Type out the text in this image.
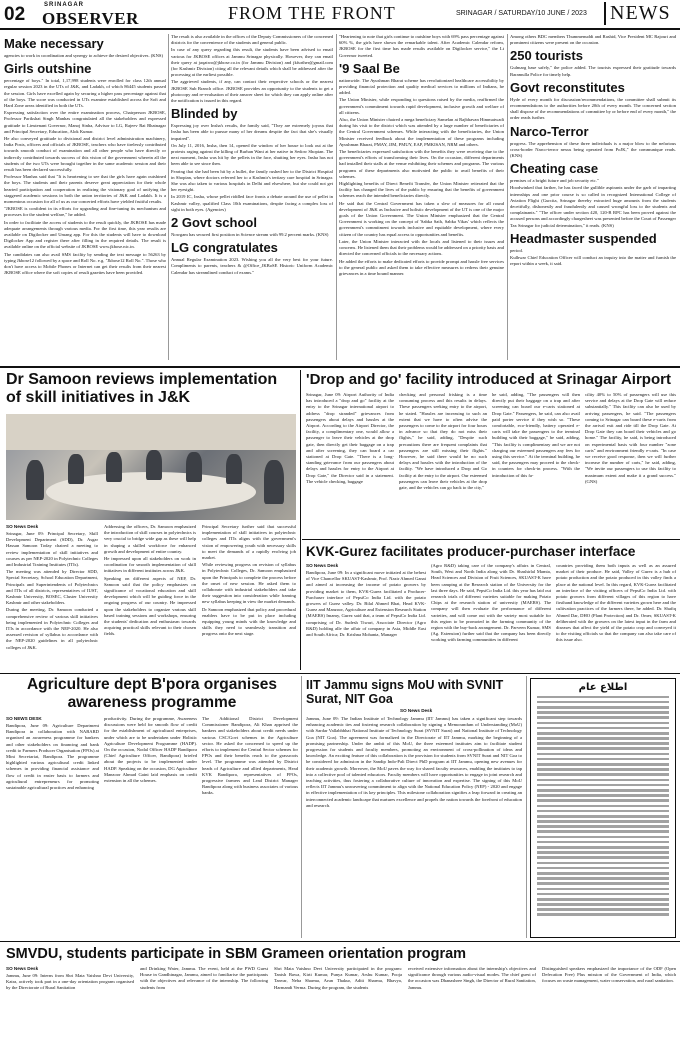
02	SRINAGAR
OBSERVER	FROM THE FRONT	SRINAGAR / SATURDAY/10 JUNE / 2023	NEWS
Make necessary

agencies to work in coordination and synergy to achieve the desired objectives. (KNS)

Girls outshine

percentage of boys." In total, 1,17,998 students were enrolled for class 12th annual regular session 2023 in the UTs of J&K, and Ladakh, of which 86445 students passed the session. Girls have excelled again by securing a higher pass percentage against that of the boys. The score was conducted in UTs examine established across the Soft and Hard Zone areas identified in both the UTs.

Expressing satisfaction over the entire examination process, Chairperson JKBOSE, Professor Parikshat Singh Manhas congratulated all the stakeholders and expressed gratitude to Lieutenant Governor, Manoj Sinha, Advisor to LG, Rajeev Rai Bhatnagar and Principal Secretary, Education, Alok Kumar.

He also conveyed gratitude to divisional and district level administration machinery, India Posts, officers and officials of JKBOSE, teachers who have tirelessly contributed towards smooth conduct of examination and all other people who have directly or indirectly contributed towards success of this vision of the government wherein all the students of the two UTs were brought together in the same academic session and their result has been declared successfully.

Professor Manhas said that "It is heartening to see that the girls have again outshined the boys. The students and their parents deserve great appreciation for their whole hearted participation and cooperation in realizing the visionary goal of unifying the staggered academic sessions in both the union territories of J&K and Ladakh. It is a momentous occasion for all of us as our concerted efforts have yielded fruitful results.

"JKBOSE is confident in its efforts for upgrading and fine-tuning its mechanism and processes for the student welfare," he added.

In order to facilitate the access of students to the result quickly, the JKBOSE has made adequate arrangements through various media. For the first time, this year results are available on Digilocker and Umang app. For this the students will have to download Digilocker App and register there after filling in the required details. The result is available online on the official website of JKBOSE www.jkbose.nic.in.

The candidates can also avail SMS facility by sending the text message to 56263 by typing Jkbose12 followed by a space and Roll No. e.g. "Jkbose12 Roll No.". Those who don't have access to Mobile Phones or Internet can get their results from their nearest JKBOSE office where the soft copies of result gazettes have been provided.

The result is also available in the offices of the Deputy Commissioners of the concerned districts for the convenience of the students and general public.

In case of any query regarding this result, the students have been advised to email various for JKBOSE offices at Jammu Srinagar physically. However, they can email their query at jaqatwo@jkbose.co.in (for Jammu Division) and jkfurther@gmail.com (for Kashmir Division) citing all the relevant details which shall be addressed after the processing at the earliest possible.

The aggrieved students, if any, can contact their respective schools or the nearest JKBOSE Sub Branch office. JKBOSE provides an opportunity to the students to get a photocopy and re-evaluation of their answer sheet for which they can apply online after the notification is issued in this regard.

Blinded by

Expressing joy over Insha's results, the family said, "They are extremely joyous that Insha has been able to pursue many of her dreams despite the fact that she's visually impaired".

On July 11, 2016, Insha, then 14, opened the window of her house to look out at the protests raging against the killing of Burhan Wani at her native in Sedow Shopian. The next moment, Insha was hit by the pellets in the face, shutting her eyes. Insha has not been able to see since then.

Fearing that she had been hit by a bullet, the family rushed her to the District Hospital in Shopian, where doctors referred her to a Kashmir's tertiary care hospital in Srinagar. She was also taken to various hospitals in Delhi and elsewhere, but she could not get her eyesight.

In 2019 IC, Insha, whose pellet riddled face fronts a debate around the use of pellet in Kashmir valley, qualified Class 10th examinations, despite facing a complex loss of sight in both eyes. (Agencies)

2 Govt school

Nowgam has secured first position in Science stream with 99.2 percent marks. (KNS)

LG congratulates

Annual Regular Examination 2023. Wishing you all the very best for your future. Compliments to parents, teachers & @Office_JKBoSE Historic Uniform Academic Calendar has streamlined conduct of exams."

"Heartening to note that girls continue to outshine boys with 69% pass percentage against 60% %, the girls have shown the remarkable talent. After Academic Calendar reform, JKBOSE for the first time has made results available on Digilocker service," the Lt Governor tweeted.

'9 Saal Be

nationwide. The Ayushman Bharat scheme has revolutionized healthcare accessibility by providing financial protection and quality medical services to millions of Indians, he added.

The Union Minister, while responding to questions raised by the media, reaffirmed the government's commitment towards rapid development, inclusive growth and welfare of all citizens.

Also, the Union Minister chaired a mega beneficiary Samelan at Rajbhavan Himmatwadi during his visit to the district which was attended by a large number of beneficiaries of the Central Government schemes. While interacting with the beneficiaries, the Union Minister received feedback about the implementation of these programs including Ayushman Bharat, PMAY, JJM, PMUY, EAP, PMKISAN, NRM and others.

The beneficiaries expressed satisfaction with the benefits they were receiving due to the government's efforts of transforming their lives. On the occasion, different departments had installed their stalls at the venue exhibiting their schemes and programs. The various programs of these departments also motivated the public to avail benefits of their schemes.

Highlighting benefits of Direct Benefit Transfer, the Union Minister reiterated that the facility has changed the lives of the public by ensuring that the benefits of government schemes reach the intended beneficiaries directly.

He said that the Central Government has taken a slew of measures for all round development of J&K as Inclusive and holistic development of the UT is one of the major goals of the Union Government. The Union Minister emphasized that the Central Government is working on the concept of 'Sabka Sath, Sabka Vikas' which reflects the government's commitment towards inclusive and equitable development, where every citizen of the country has equal access to opportunities and benefits.

Later, the Union Minister interacted with the locals and listened to their issues and concerns. He listened them that their problems would be addressed on a priority basis and directed the concerned officials to the necessary actions.

He added the efforts to make dedicated efforts to provide prompt and hassle free services to the general public and asked them to take effective measures to redress their genuine grievances in a time bound manner.

Among others BDC members Thummenuddi and Rashid, Vice President MC Rajouri and prominent citizens were present on the occasion.

250 tourists

Gulmarg base safely," the police added. The tourists expressed their gratitude towards Baramulla Police for timely help.

Govt reconstitutes

Hyde of every month for discussion/recommendations, the committee shall submit its recommendations to the authorities before 20th of every month. The concerned section shall dispose of the recommendations of committee by or before end of every month," the order reads further.

Narco-Terror

progress. The apprehension of these three individuals is a major blow to the nefarious cross-border Narco-terror nexus being operated from PoJK," the communique reads. (KNS)

Cheating case

premises of a bright future and job security etc."

Hoodwinked that farther, he has faced the gullible aspirants under the garb of imparting internships and one prior course is so called in recognized International College of Aviation Flight (Gurcita, Srinagar thereby extracted huge amounts from the students deceitfully, dishonestly and fraudulently and caused wrongful loss to the students and complainants." "The officer under section 420, 120-B RPC has been proved against the accused persons and accordingly chargesheet was presented before the Court of Passenger Tax Srinagar for judicial determination," it reads. (KNS)

Headmaster suspended

period.

Kulhwar Chief Education Officer will conduct an inquiry into the matter and furnish the report within a week, it said.

Dr Samoon reviews implementation
of skill initiatives in J&K
SO News Desk

Srinagar, June 09: Principal Secretary, Skill Development Department (SDD), Dr. Asgar Hassan Samoon Today chaired a meeting to review implementation of skill initiatives and courses as per NEP-2020 in Polytechnic Colleges and Industrial Training Institutes (ITIs).

The meeting was attended by Director SDD, Special Secretary, School Education Department, Principals and Superintendents of Polytechnics and ITIs of all districts, representatives of IUST, Kashmir University, BOSEC, Cluster University Kashmir and other stakeholders.

During the meeting, Dr. Samoon conducted a comprehensive review of various skill initiatives being implemented in Polytechnic Colleges and ITIs in accordance with the NEP-2020. He also assessed revision of syllabus to accordance with the NEP-2020 guidelines in all polytechnic colleges of J&K.

Addressing the officers, Dr. Samoon emphasized the introduction of skill courses in polytechnics is very crucial to bridge wide gap as these will help in shaping a skilled workforce for enhanced growth and development of entire country.

He impressed upon all stakeholders on work in coordination for smooth implementation of skill initiatives in different institutes across J&K.

Speaking on different aspects of NEP, Dr. Samoon said that the policy emphasizes on significance of vocational education and skill development which will be guiding force in the ongoing progress of our country. He impressed upon the stakeholders to organize various skill based training sessions and workshops, ensuring the students' dedication and enthusiasm towards acquiring practical skills relevant to their chosen fields.

Principal Secretary further said that successful implementation of skill initiatives in polytechnic colleges and ITIs aligns with the government's vision of empowering youth with necessary skills to meet the demands of a rapidly evolving job market.

While reviewing progress on revision of syllabus in Polytechnic Colleges, Dr. Samoon emphasized upon the Principals to complete the process before the onset of new session. He asked them to collaborate with industrial stakeholders and take their suggestion into consideration while framing new syllabus keeping in view the market demands.

Dr Samoon emphasized that policy and procedural enablers have to be put in place including equipping young minds with the knowledge and skills they need to seamlessly transition and progress onto the next stage.

'Drop and go' facility introduced at Srinagar Airport

Srinagar, June 09: Airport Authority of India has introduced a "drop and go" facility at the entry to the Srinagar international airport to address "drop stranded" grievances from passengers about delays and hassles at the Airport. According to the Airport Director, the facility, a complimentary one, would allow a passenger to leave their vehicles at the drop gate, then directly get their baggage on a trap and after screening, they can board a car stationed at Drop Gate. "There is a long-standing grievance from our passengers about delays and hassles for entry to the Airport at Drop Gate," the Director said in a statement. The vehicle checking, baggage

checking and personal frisking is a time consuming process and this results in delays. These passengers seeking entry to the airport, he stated. "Hassles are increasing to such an extent that we have to often advise the passengers to come to the airport for four hours in advance so that they do not miss their flights," he said, adding, "Despite such precautions there are frequent complaints that passengers are still missing their flights." However, he said there would be no such delays and hassles with the introduction of the facility. "We have introduced a Drop and Go facility at the entry to the airport. Our esteemed passengers can leave their vehicles at the drop gate, and the vehicles can go back to the city,"

he said, adding, "The passengers will then directly put their baggage on a trap and after screening can board our e-carts stationed at Drop Gate." Passengers, he said, can also avail paid porter service if they wish so. "These comfortable, eco-friendly, battery operated e-carts will take the passengers to the terminal building with their baggage," he said, adding, "This facility is complimentary and we are not charging our esteemed passengers any fees for using this service." At the terminal building, he said, the passengers may proceed to the check-in counters for check-in process. "With the introduction of this fa-

cility 40% to 50% of passengers will use this service and delays at the Drop Gate will reduce substantially." This facility can also be used by arriving passengers, he said. "The passengers coming to Srinagar can board these e-carts from the arrival exit and ride till the Drop Gate. At Drop Gate they can board their vehicles and go home." The facility, he said, is being introduced on experimental basis with four number "zone carts" and environment friendly e-carts. "In case we receive good response, then we will further increase the number of carts," he said, adding, "We invite our passengers to use this facility to maximum extent and make it a grand success." (GNS)

KVK-Gurez facilitates producer-purchaser interface
SO News Desk

Bandipora, June 09: In a significant move initiated at the behest of Vice Chancellor SKUAST-Kashmir, Prof. Nazir Ahmed Ganai and aimed at increasing the income of potato growers by providing market to them, KVK-Gurez facilitated a Producer-Purchaser interface of PepsiCo India Ltd. with the potato growers of Gurez valley. Dr. Bilal Ahmed Bhat, Head KVK-Gurez and Manzoor, Agriculture and Extension Research Station (MAERS) Imamy, Gurez said that, a team of PepsiCo India Ltd. comprising of Dr. Sudesh Tiwari, Associate Director (Agro R&D) holding alle the affair of company in Asia, Middle East and South Africa; Dr. Krishna Mohanta, Manager

(Agro R&D) taking care of the company's affairs in Central, South, West and North India along with Dr. Shashirlal Mamta, Head Sciences and Division of Fruit Sciences, SKUAST-K have been camping at the Research station of the University for the last three days. He said, PepsiCo India Ltd. this year has laid out research trials of different varieties suitable for making Potato Chips at the research station of university (MAERS). The company will then evaluate the performance of different varieties, and will come out with the variety most suitable for this region to be promoted in the farming community of the region with the buy-back arrangement. Dr. Parveen Kumar, SMS (Ag. Extension) further said that the company has been directly working with farming communities in different

countries providing them both inputs as well as an assured market of their produce. He said, Valley of Gurez is a hub of potato production and the potato produced in this valley finds a place at the national level. In this regard, KVK-Gurez facilitated an interface of the visiting officers of PepsiCo India Ltd. with potato growers from different villages of this region to have firsthand knowledge of the different varieties grown here and the cultivation practices of the farmers there, he added. Dr. Shafiq Ahmed Dar, DHO (Plant Protection) and Dr. Omer, SKUAST-K deliberated with the growers on the latest input in the farm and diseases that affect the yield of the potato crop and conveyed it to the visiting officials so that the company can also take care of this issue also.

IIT Jammu signs MoU with SVNIT Surat, NIT Goa
SO News Desk

Jammu, June 09: The Indian Institute of Technology Jammu (IIT Jammu) has taken a significant step towards enhancing academic ties and fostering research collaboration by signing a Memorandum of Understanding (MoU) with Sardar Vallabhbhai National Institute of Technology Surat (SVNIT Surat) and National Institute of Technology Goa (NIT Goa). The agreement was formalized in the Directorate of IIT Jammu, marking the beginning of a promising partnership. Under the ambit of this MoU, the three esteemed institutes aim to facilitate student progression for students and faculty members, promoting an environment of cross-pollination of ideas and knowledge. An exciting feature of this collaboration is the provision for students from SVNIT Surat and NIT Goa to be considered for admission in the Sandip Indo-Pali Direct PhD program at IIT Jammu, opening new avenues for their academic growth. Moreover, the MoU paves the way for shared faculty resources, enabling the institutes to tap into a collective pool of talented educators. Faculty members will have opportunities to engage in joint research and teaching activities, thus fostering a collaborative culture of innovation and expertise. The signing of this MoU reflects IIT Jammu's unwavering commitment to align with the National Education Policy (NEP) - 2020 and engage in effective implementation of its key principles. This milestone collaboration signifies a leap forward in creating an interconnected academic landscape that nurtures excellence and propels the nation towards the forefront of education and research.

اطلاع عام
Agriculture dept B'pora organises
awareness programme
SO NEWS DESK

Bandipora, June 09: Agriculture Department Bandipora in collaboration with NABARD organised an awareness programme for bankers and other stakeholders on financing and bank credit to Farmers Producer Organisation (FPOs) at Mini Secretariat, Bandipora. The programme highlighted various agricultural credit linked schemes in providing financial assistance and flow of credit in easier basis to farmers and agricultural entrepreneurs for promoting sustainable agricultural practices and enhancing

productivity. During the programme, Awareness discussions were held for smooth flow of credit for the establishment of agricultural enterprises, under which are to be undertaken under Holistic Agriculture Development Programme (HADP). On the occasion, Nodal Officer HADP Bandipora (Chief Agriculture Officer, Bandipora) briefed about the projects to be implemented under HADP. Speaking on the occasion, DG Agriculture Manzoor Ahmad Gaini laid emphasis on credit extension in all the schemes.

The Additional District Development Commissioner Bandipora, Ali Khan apprised the bankers and stakeholders about credit needs under various CSC/Govt schemes in the Agriculture sector. He asked the concerned to speed up the efforts to implement the Central Sector schemes for FPOs and their benefits reach to the grassroots level. The programme was attended by District heads of Agriculture and allied departments, Head KVK Bandipora, representatives of FPOs, progressive farmers and Lead District Manager Bandipora along with business associates of various banks.

SMVDU, students participate in SBM Grameen orientation program
SO News Desk

Jammu, June 09: Interns from Shri Mata Vaishno Devi University, Katra, actively took part in a one-day orientation program organised by the Directorate of Rural Sanitation

and Drinking Water, Jammu. The event, held at the PWD Guest House in Gandhinagar, Jammu, aimed to familiarise the participants with the objectives and relevance of the internship. The following students from

Shri Mata Vaishno Devi University participated in the program: Tanish Bawa, Kirti Kumar, Punya Kumar, Arshu Kumar, Pooja Tanvar, Neha Sharma, Arun Thakur, Aditi Sharma, Bhavya, Harmandi Verma. During the program, the students

received extensive information about the internship's objectives and significance through various audio-visual modes. The chief guest of the occasion was Dhanashree Singh, the Director of Rural Sanitation, Jammu.

Distinguished speakers emphasized the importance of the ODF (Open Defecation Free) Plus mission of the Government of India, which focuses on waste management, water conservation, and rural sanitation.
